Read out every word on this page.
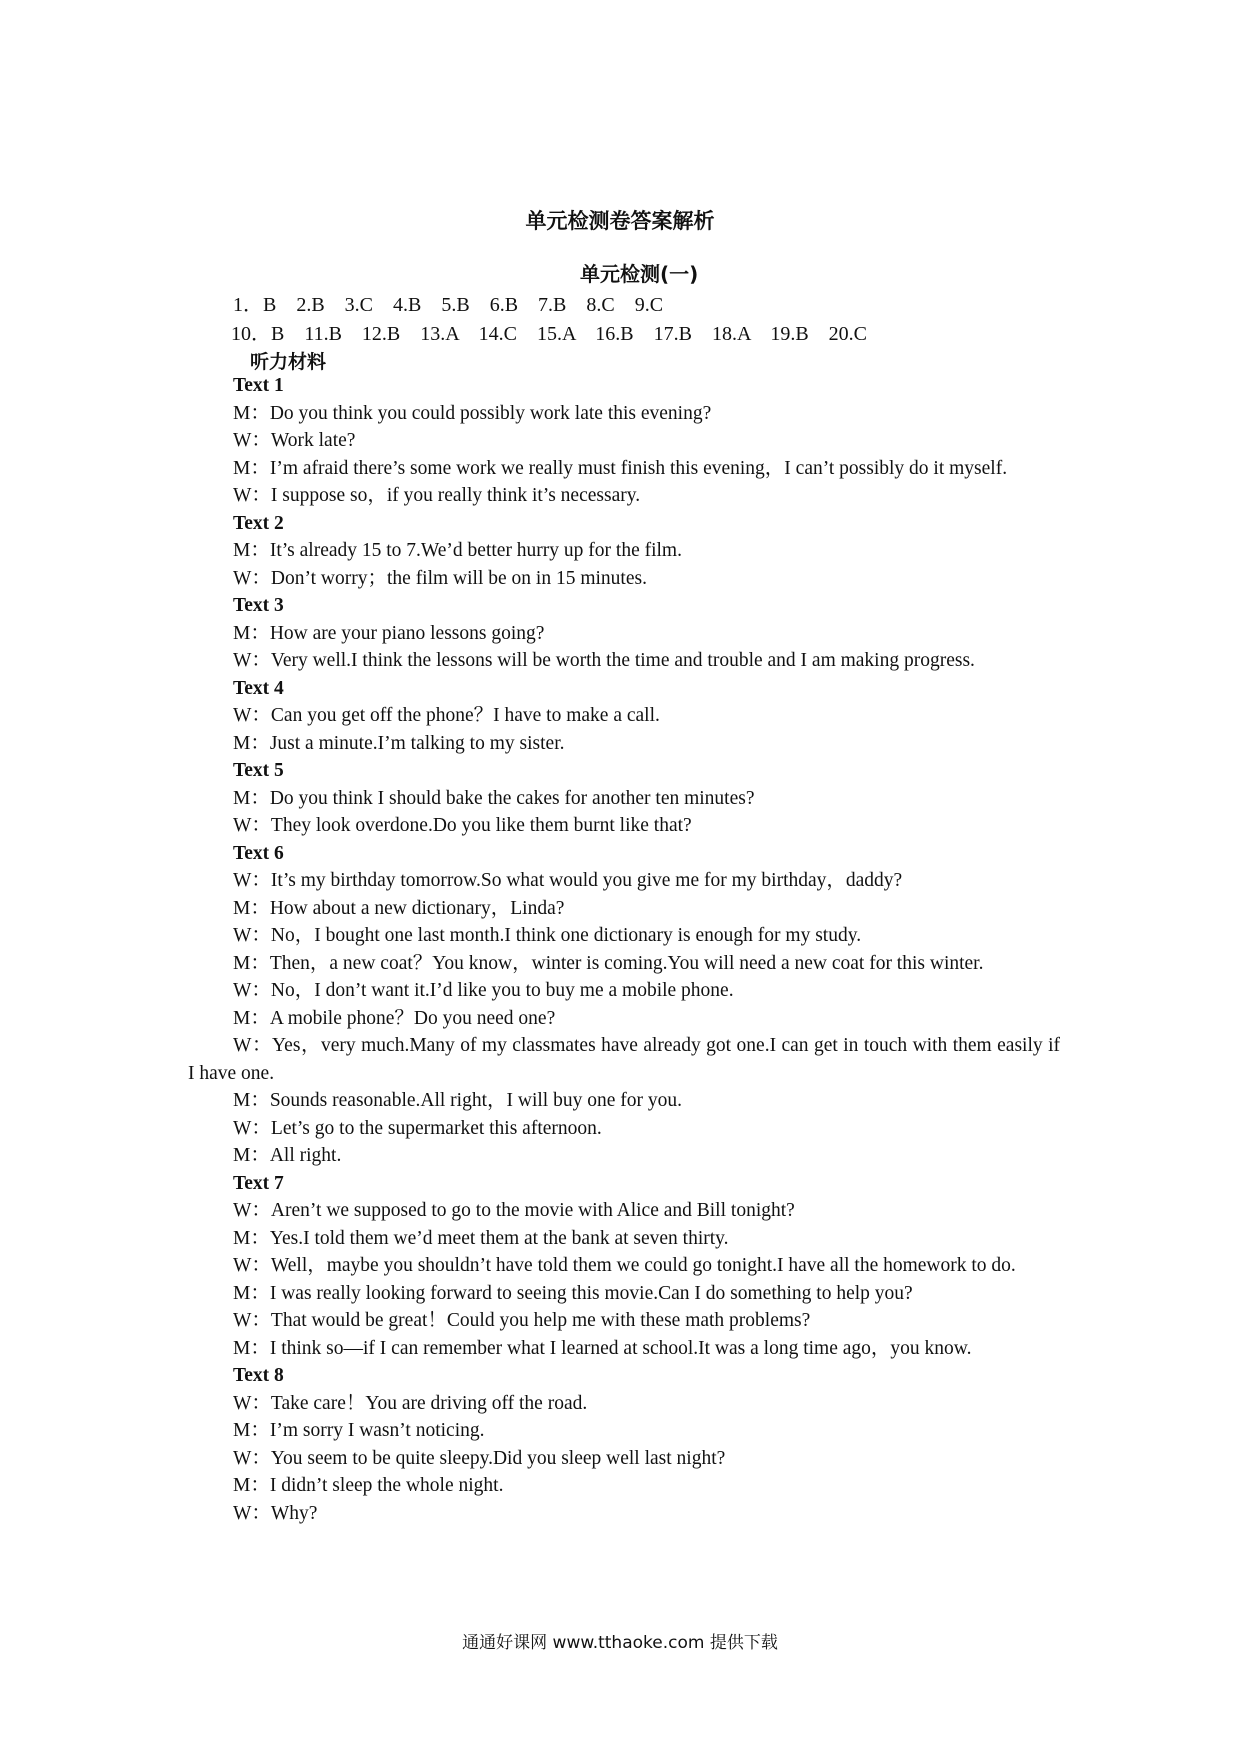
单元检测卷答案解析
单元检测(一)
1．B    2.B    3.C    4.B    5.B    6.B    7.B    8.C    9.C
10．B    11.B    12.B    13.A    14.C    15.A    16.B    17.B    18.A    19.B    20.C
听力材料
Text 1
M：Do you think you could possibly work late this evening?
W：Work late?
M：I’m afraid there’s some work we really must finish this evening，I can’t possibly do it myself.
W：I suppose so，if you really think it’s necessary.
Text 2
M：It’s already 15 to 7.We’d better hurry up for the film.
W：Don’t worry；the film will be on in 15 minutes.
Text 3
M：How are your piano lessons going?
W：Very well.I think the lessons will be worth the time and trouble and I am making progress.
Text 4
W：Can you get off the phone？I have to make a call.
M：Just a minute.I’m talking to my sister.
Text 5
M：Do you think I should bake the cakes for another ten minutes?
W：They look overdone.Do you like them burnt like that?
Text 6
W：It’s my birthday tomorrow.So what would you give me for my birthday，daddy?
M：How about a new dictionary，Linda?
W：No，I bought one last month.I think one dictionary is enough for my study.
M：Then，a new coat？You know，winter is coming.You will need a new coat for this winter.
W：No，I don’t want it.I’d like you to buy me a mobile phone.
M：A mobile phone？Do you need one?
W：Yes，very much.Many of my classmates have already got one.I can get in touch with them easily if I have one.
M：Sounds reasonable.All right，I will buy one for you.
W：Let’s go to the supermarket this afternoon.
M：All right.
Text 7
W：Aren’t we supposed to go to the movie with Alice and Bill tonight?
M：Yes.I told them we’d meet them at the bank at seven thirty.
W：Well，maybe you shouldn’t have told them we could go tonight.I have all the homework to do.
M：I was really looking forward to seeing this movie.Can I do something to help you?
W：That would be great！Could you help me with these math problems?
M：I think so—if I can remember what I learned at school.It was a long time ago，you know.
Text 8
W：Take care！You are driving off the road.
M：I’m sorry I wasn’t noticing.
W：You seem to be quite sleepy.Did you sleep well last night?
M：I didn’t sleep the whole night.
W：Why?
通通好课网 www.tthaoke.com 提供下载
